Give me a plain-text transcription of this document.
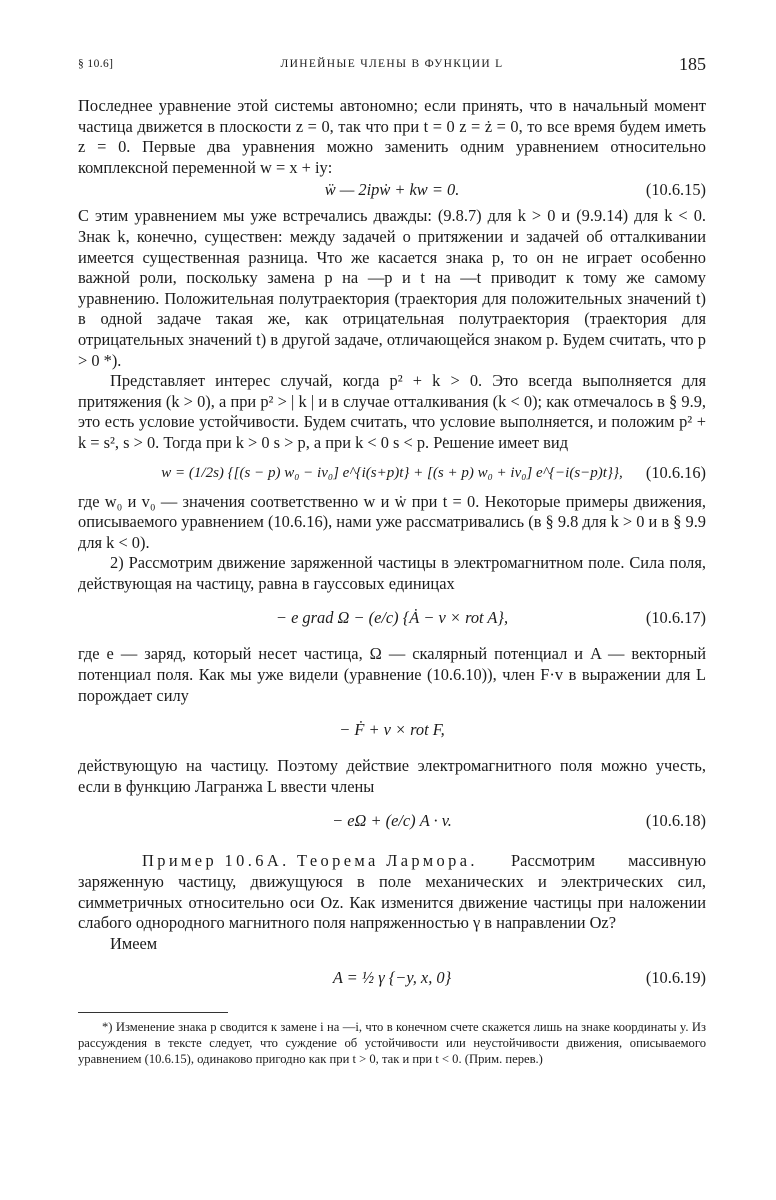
§ 10.6]	ЛИНЕЙНЫЕ ЧЛЕНЫ В ФУНКЦИИ L	185

Последнее уравнение этой системы автономно; если принять, что в начальный момент частица движется в плоскости z = 0, так что при t = 0 z = ż = 0, то все время будем иметь z = 0. Первые два уравнения можно заменить одним уравнением относительно комплексной переменной w = x + iy:

ẅ — 2ipẇ + kw = 0.	(10.6.15)

С этим уравнением мы уже встречались дважды: (9.8.7) для k > 0 и (9.9.14) для k < 0. Знак k, конечно, существен: между задачей о притяжении и задачей об отталкивании имеется существенная разница. Что же касается знака p, то он не играет особенно важной роли, поскольку замена p на —p и t на —t приводит к тому же самому уравнению. Положительная полутраектория (траектория для положительных значений t) в одной задаче такая же, как отрицательная полутраектория (траектория для отрицательных значений t) в другой задаче, отличающейся знаком p. Будем считать, что p > 0 *).

Представляет интерес случай, когда p² + k > 0. Это всегда выполняется для притяжения (k > 0), а при p² > | k | и в случае отталкивания (k < 0); как отмечалось в § 9.9, это есть условие устойчивости. Будем считать, что условие выполняется, и положим p² + k = s², s > 0. Тогда при k > 0 s > p, а при k < 0 s < p. Решение имеет вид

w = (1/2s) {[(s − p) w₀ − iv₀] e^{i(s+p)t} + [(s + p) w₀ + iv₀] e^{−i(s−p)t}},	(10.6.16)

где w₀ и v₀ — значения соответственно w и ẇ при t = 0. Некоторые примеры движения, описываемого уравнением (10.6.16), нами уже рассматривались (в § 9.8 для k > 0 и в § 9.9 для k < 0).

2) Рассмотрим движение заряженной частицы в электромагнитном поле. Сила поля, действующая на частицу, равна в гауссовых единицах

− e grad Ω − (e/c) {Ȧ − v × rot A},	(10.6.17)

где e — заряд, который несет частица, Ω — скалярный потенциал и A — векторный потенциал поля. Как мы уже видели (уравнение (10.6.10)), член F·v в выражении для L порождает силу

− Ḟ + v × rot F,

действующую на частицу. Поэтому действие электромагнитного поля можно учесть, если в функцию Лагранжа L ввести члены

− eΩ + (e/c) A · v.	(10.6.18)

Пример 10.6А. Теорема Лармора. Рассмотрим массивную заряженную частицу, движущуюся в поле механических и электрических сил, симметричных относительно оси Oz. Как изменится движение частицы при наложении слабого однородного магнитного поля напряженностью γ в направлении Oz?

Имеем

A = ½ γ {−y, x, 0}	(10.6.19)
*) Изменение знака p сводится к замене i на —i, что в конечном счете скажется лишь на знаке координаты y. Из рассуждения в тексте следует, что суждение об устойчивости или неустойчивости движения, описываемого уравнением (10.6.15), одинаково пригодно как при t > 0, так и при t < 0. (Прим. перев.)
